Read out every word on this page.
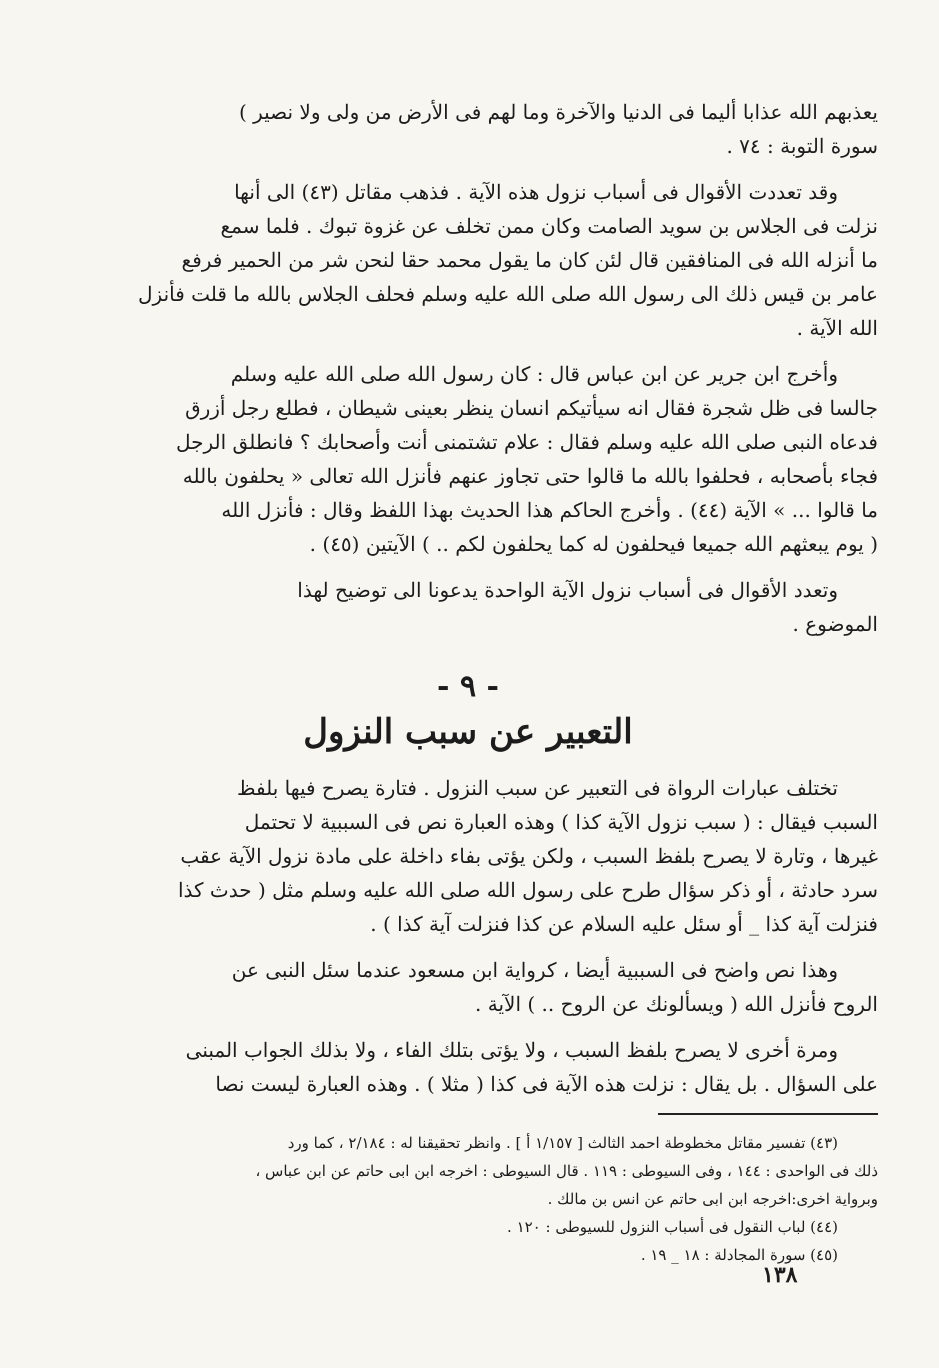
يعذبهم الله عذابا أليما فى الدنيا والآخرة وما لهم فى الأرض من ولى ولا نصير )
سورة التوبة : ٧٤ .
وقد تعددت الأقوال فى أسباب نزول هذه الآية . فذهب مقاتل (٤٣) الى أنها
نزلت فى الجلاس بن سويد الصامت وكان ممن تخلف عن غزوة تبوك . فلما سمع
ما أنزله الله فى المنافقين قال لئن كان ما يقول محمد حقا لنحن شر من الحمير فرفع
عامر بن قيس ذلك الى رسول الله صلى الله عليه وسلم فحلف الجلاس بالله ما قلت فأنزل
الله الآية .
وأخرج ابن جرير عن ابن عباس قال : كان رسول الله صلى الله عليه وسلم
جالسا فى ظل شجرة فقال انه سيأتيكم انسان ينظر بعينى شيطان ، فطلع رجل أزرق
فدعاه النبى صلى الله عليه وسلم فقال : علام تشتمنى أنت وأصحابك ؟ فانطلق الرجل
فجاء بأصحابه ، فحلفوا بالله ما قالوا حتى تجاوز عنهم فأنزل الله تعالى « يحلفون بالله
ما قالوا ... » الآية (٤٤) . وأخرج الحاكم هذا الحديث بهذا اللفظ وقال : فأنزل الله
( يوم يبعثهم الله جميعا فيحلفون له كما يحلفون لكم .. ) الآيتين (٤٥) .
وتعدد الأقوال فى أسباب نزول الآية الواحدة يدعونا الى توضيح لهذا
الموضوع .
- ٩ -
التعبير عن سبب النزول
تختلف عبارات الرواة فى التعبير عن سبب النزول . فتارة يصرح فيها بلفظ
السبب فيقال : ( سبب نزول الآية كذا ) وهذه العبارة نص فى السببية لا تحتمل
غيرها ، وتارة لا يصرح بلفظ السبب ، ولكن يؤتى بفاء داخلة على مادة نزول الآية عقب
سرد حادثة ، أو ذكر سؤال طرح على رسول الله صلى الله عليه وسلم مثل ( حدث كذا
فنزلت آية كذا _ أو سئل عليه السلام عن كذا فنزلت آية كذا ) .
وهذا نص واضح فى السببية أيضا ، كرواية ابن مسعود عندما سئل النبى عن
الروح فأنزل الله ( ويسألونك عن الروح .. ) الآية .
ومرة أخرى لا يصرح بلفظ السبب ، ولا يؤتى بتلك الفاء ، ولا بذلك الجواب المبنى
على السؤال . بل يقال : نزلت هذه الآية فى كذا ( مثلا ) . وهذه العبارة ليست نصا
(٤٣) تفسير مقاتل مخطوطة احمد الثالث [ ١/١٥٧ أ ] . وانظر تحقيقنا له : ٢/١٨٤ ، كما ورد
ذلك فى الواحدى : ١٤٤ ، وفى السيوطى : ١١٩ . قال السيوطى : اخرجه ابن ابى حاتم عن ابن عباس ،
وبرواية اخرى:اخرجه ابن ابى حاتم عن انس بن مالك .
(٤٤) لباب النقول فى أسباب النزول للسيوطى : ١٢٠ .
(٤٥) سورة المجادلة : ١٨ _ ١٩ .
١٣٨
